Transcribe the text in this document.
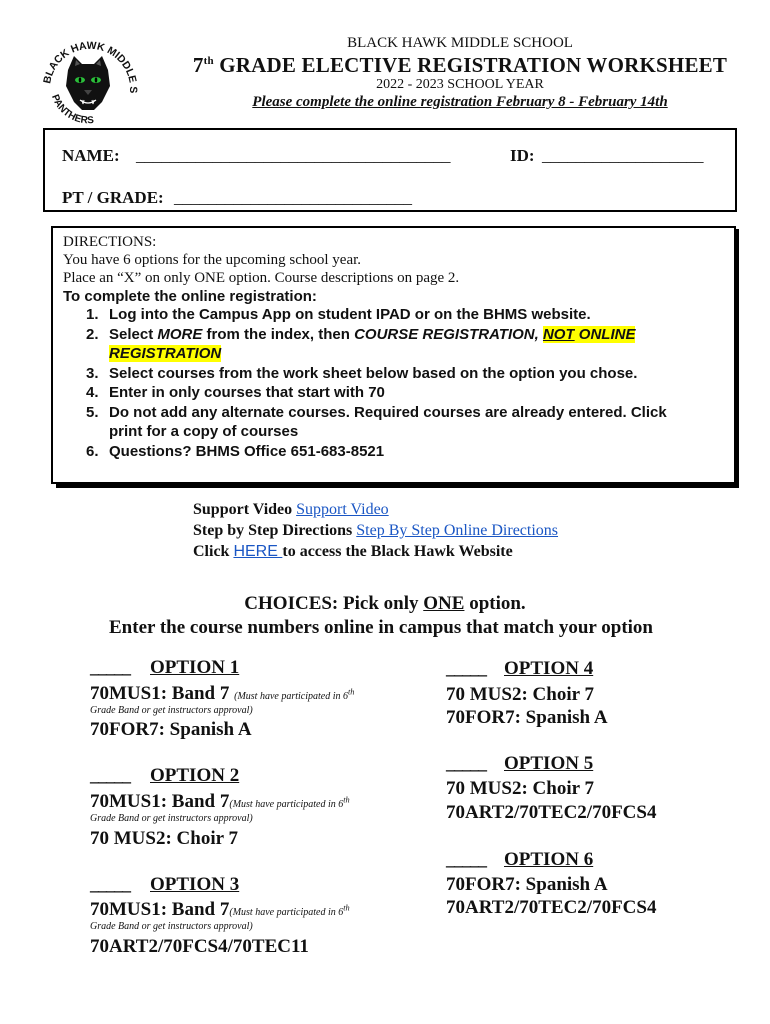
BLACK HAWK MIDDLE S
PANTHERS
BLACK HAWK MIDDLE SCHOOL
7th GRADE ELECTIVE REGISTRATION WORKSHEET
2022 - 2023 SCHOOL YEAR
Please complete the online registration February 8 - February 14th
NAME: _____________________________________	ID: ___________________
PT / GRADE: ____________________________
DIRECTIONS:
You have 6 options for the upcoming school year.
Place an “X” on only ONE option. Course descriptions on page 2.
To complete the online registration:
1. Log into the Campus App on student IPAD or on the BHMS website.
2. Select MORE from the index, then COURSE REGISTRATION, NOT ONLINE
REGISTRATION
3. Select courses from the work sheet below based on the option you chose.
4. Enter in only courses that start with 70
5. Do not add any alternate courses. Required courses are already entered. Click
print for a copy of courses
6. Questions? BHMS Office 651-683-8521
Support Video Support Video
Step by Step Directions Step By Step Online Directions
Click HERE to access the Black Hawk Website
CHOICES: Pick only ONE option.
Enter the course numbers online in campus that match your option
_____ OPTION 1
70MUS1: Band 7 (Must have participated in 6th
Grade Band or get instructors approval)
70FOR7: Spanish A
_____ OPTION 2
70MUS1: Band 7(Must have participated in 6th
Grade Band or get instructors approval)
70 MUS2: Choir 7
_____ OPTION 3
70MUS1: Band 7(Must have participated in 6th
Grade Band or get instructors approval)
70ART2/70FCS4/70TEC11
_____ OPTION 4
70 MUS2: Choir 7
70FOR7: Spanish A
_____ OPTION 5
70 MUS2: Choir 7
70ART2/70TEC2/70FCS4
_____ OPTION 6
70FOR7: Spanish A
70ART2/70TEC2/70FCS4
